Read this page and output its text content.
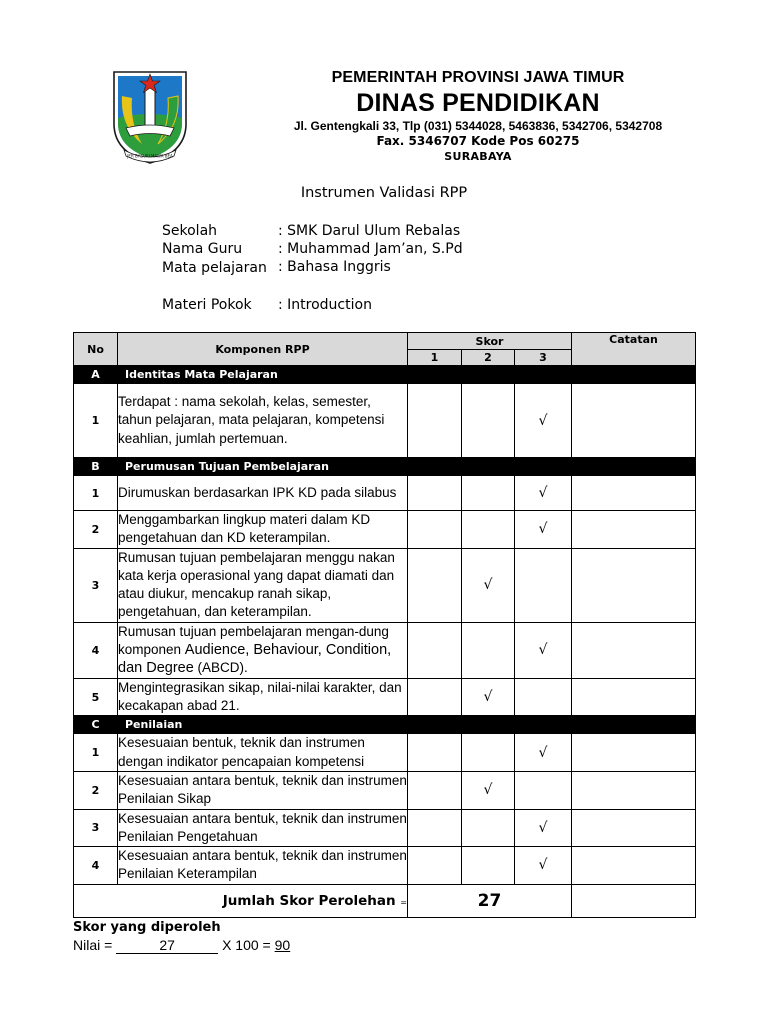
JER BASUKI MAWA BEA
PEMERINTAH PROVINSI JAWA TIMUR
DINAS PENDIDIKAN
Jl. Gentengkali 33, Tlp (031) 5344028, 5463836, 5342706, 5342708
Fax. 5346707 Kode Pos 60275
SURABAYA
Instrumen Validasi RPP
Sekolah	: SMK Darul Ulum Rebalas
Nama Guru	: Muhammad Jam’an, S.Pd
Mata pelajaran : Bahasa Inggris
Materi Pokok	: Introduction
No	Komponen RPP	Skor			Catatan
		1	2	3	
A	Identitas Mata Pelajaran				
1	Terdapat : nama sekolah, kelas, semester, tahun pelajaran, mata pelajaran, kompetensi keahlian, jumlah pertemuan.			√	
B	Perumusan Tujuan Pembelajaran				
1	Dirumuskan berdasarkan IPK KD pada silabus			√	
2	Menggambarkan lingkup materi dalam KD pengetahuan dan KD keterampilan.			√	
3	Rumusan tujuan pembelajaran menggu nakan kata kerja operasional yang dapat diamati dan atau diukur, mencakup ranah sikap, pengetahuan, dan keterampilan.		√		
4	Rumusan tujuan pembelajaran mengan-dung komponen Audience, Behaviour, Condition, dan Degree (ABCD).			√	
5	Mengintegrasikan sikap, nilai-nilai karakter, dan kecakapan abad 21.		√		
C	Penilaian				
1	Kesesuaian bentuk, teknik dan instrumen dengan indikator pencapaian kompetensi			√	
2	Kesesuaian antara bentuk, teknik dan instrumen Penilaian Sikap		√		
3	Kesesuaian antara bentuk, teknik dan instrumen Penilaian Pengetahuan			√	
4	Kesesuaian antara bentuk, teknik dan instrumen Penilaian Keterampilan			√	
Jumlah Skor Perolehan =		27			
Skor yang diperoleh
Nilai =	27	X 100 = 90
